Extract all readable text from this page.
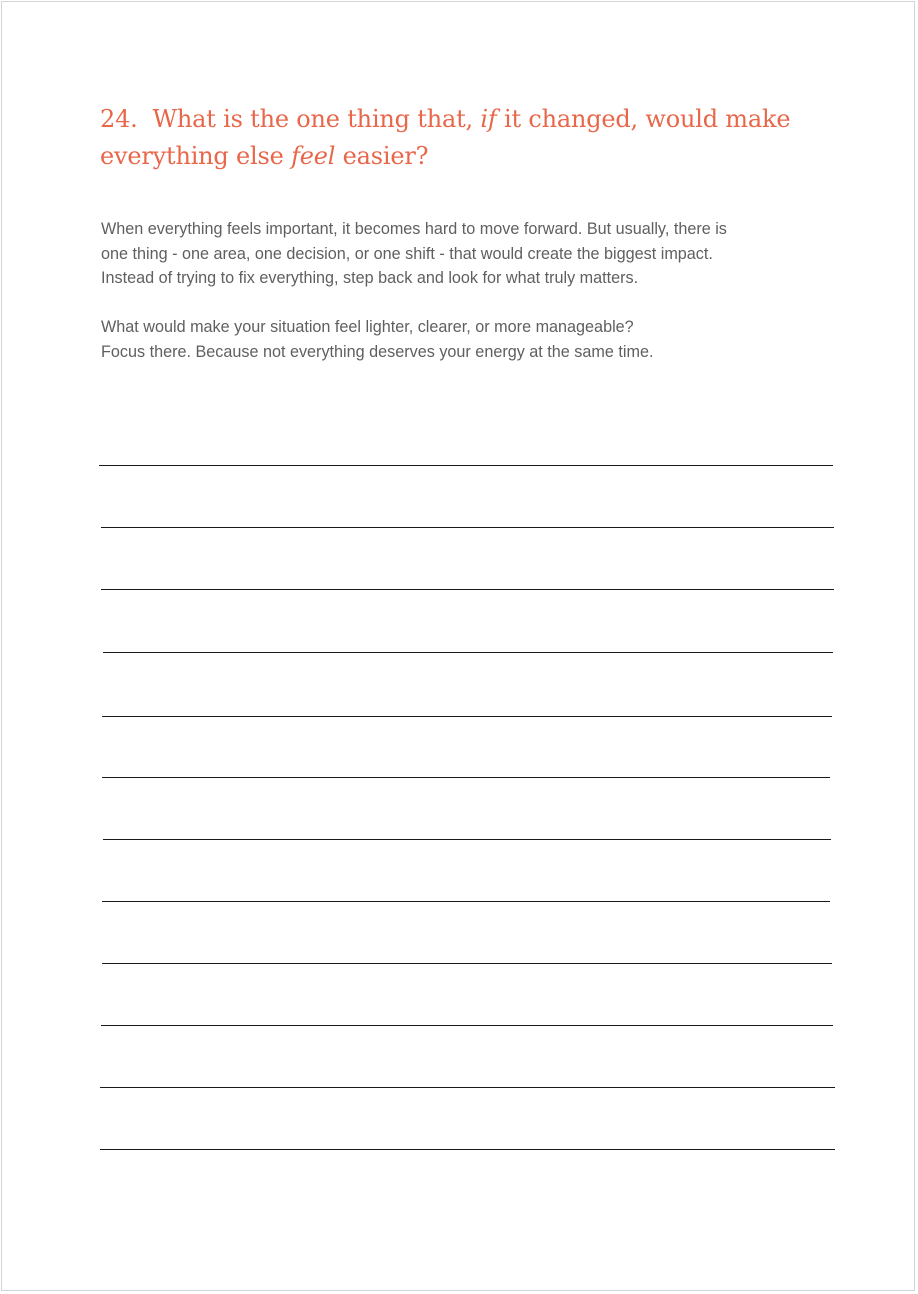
24. What is the one thing that, if it changed, would make
everything else feel easier?

When everything feels important, it becomes hard to move forward. But usually, there is
one thing - one area, one decision, or one shift - that would create the biggest impact.
Instead of trying to fix everything, step back and look for what truly matters.

What would make your situation feel lighter, clearer, or more manageable?
Focus there. Because not everything deserves your energy at the same time.
